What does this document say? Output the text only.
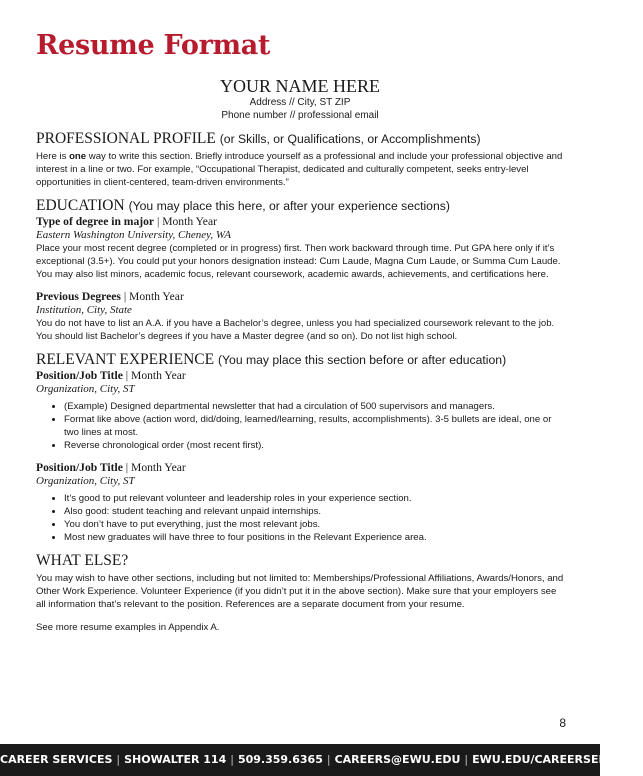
Resume Format
YOUR NAME HERE
Address // City, ST ZIP
Phone number // professional email
PROFESSIONAL PROFILE (or Skills, or Qualifications, or Accomplishments)

Here is one way to write this section. Briefly introduce yourself as a professional and include your professional objective and interest in a line or two. For example, “Occupational Therapist, dedicated and culturally competent, seeks entry-level opportunities in client-centered, team-driven environments.”

EDUCATION (You may place this here, or after your experience sections)
Type of degree in major | Month Year
Eastern Washington University, Cheney, WA
Place your most recent degree (completed or in progress) first. Then work backward through time. Put GPA here only if it’s exceptional (3.5+). You could put your honors designation instead: Cum Laude, Magna Cum Laude, or Summa Cum Laude. You may also list minors, academic focus, relevant coursework, academic awards, achievements, and certifications here.
Previous Degrees | Month Year
Institution, City, State
You do not have to list an A.A. if you have a Bachelor’s degree, unless you had specialized coursework relevant to the job. You should list Bachelor’s degrees if you have a Master degree (and so on). Do not list high school.
RELEVANT EXPERIENCE (You may place this section before or after education)
Position/Job Title | Month Year
Organization, City, ST
• (Example) Designed departmental newsletter that had a circulation of 500 supervisors and managers.
• Format like above (action word, did/doing, learned/learning, results, accomplishments). 3-5 bullets are ideal, one or two lines at most.
• Reverse chronological order (most recent first).
Position/Job Title | Month Year
Organization, City, ST
• It’s good to put relevant volunteer and leadership roles in your experience section.
• Also good: student teaching and relevant unpaid internships.
• You don’t have to put everything, just the most relevant jobs.
• Most new graduates will have three to four positions in the Relevant Experience area.
WHAT ELSE?

You may wish to have other sections, including but not limited to: Memberships/Professional Affiliations, Awards/Honors, and Other Work Experience. Volunteer Experience (if you didn’t put it in the above section). Make sure that your employers see all information that’s relevant to the position. References are a separate document from your resume.

See more resume examples in Appendix A.

8
CAREER SERVICES | SHOWALTER 114 | 509.359.6365 | CAREERS@EWU.EDU | EWU.EDU/CAREERSERVICES
